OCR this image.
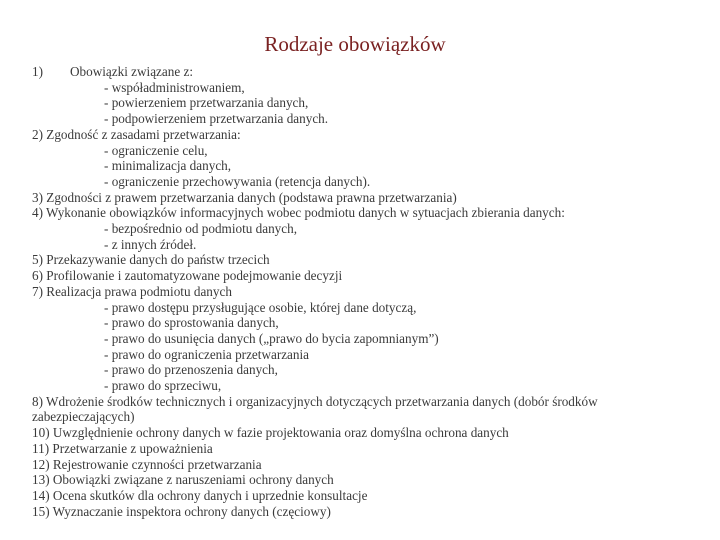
Rodzaje obowiązków

1) Obowiązki związane z:

- współadministrowaniem,

- powierzeniem przetwarzania danych,

- podpowierzeniem przetwarzania danych.

2) Zgodność z zasadami przetwarzania:

- ograniczenie celu,

- minimalizacja danych,

- ograniczenie przechowywania (retencja danych).

3) Zgodności z prawem przetwarzania danych (podstawa prawna przetwarzania)

4) Wykonanie obowiązków informacyjnych wobec podmiotu danych w sytuacjach zbierania danych:

- bezpośrednio od podmiotu danych,

- z innych źródeł.

5) Przekazywanie danych do państw trzecich

6) Profilowanie i zautomatyzowane podejmowanie decyzji

7) Realizacja prawa podmiotu danych

- prawo dostępu przysługujące osobie, której dane dotyczą,

- prawo do sprostowania danych,

- prawo do usunięcia danych („prawo do bycia zapomnianym”)

- prawo do ograniczenia przetwarzania

- prawo do przenoszenia danych,

- prawo do sprzeciwu,

8) Wdrożenie środków technicznych i organizacyjnych dotyczących przetwarzania danych (dobór środków zabezpieczających)

10) Uwzględnienie ochrony danych w fazie projektowania oraz domyślna ochrona danych

11) Przetwarzanie z upoważnienia

12) Rejestrowanie czynności przetwarzania

13) Obowiązki związane z naruszeniami ochrony danych

14) Ocena skutków dla ochrony danych i uprzednie konsultacje

15) Wyznaczanie inspektora ochrony danych (częciowy)
